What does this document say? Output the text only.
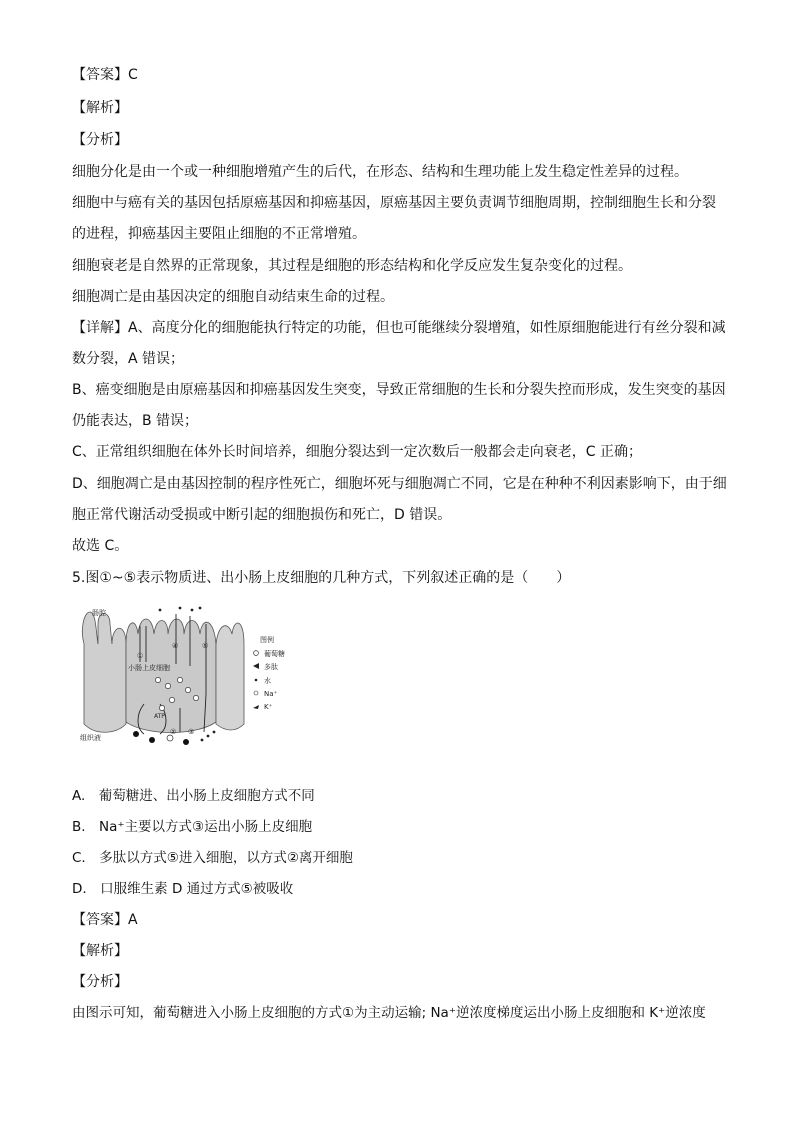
【答案】C
【解析】
【分析】
细胞分化是由一个或一种细胞增殖产生的后代，在形态、结构和生理功能上发生稳定性差异的过程。
细胞中与癌有关的基因包括原癌基因和抑癌基因，原癌基因主要负责调节细胞周期，控制细胞生长和分裂
的进程，抑癌基因主要阻止细胞的不正常增殖。
细胞衰老是自然界的正常现象，其过程是细胞的形态结构和化学反应发生复杂变化的过程。
细胞凋亡是由基因决定的细胞自动结束生命的过程。
【详解】A、高度分化的细胞能执行特定的功能，但也可能继续分裂增殖，如性原细胞能进行有丝分裂和减
数分裂，A 错误；
B、癌变细胞是由原癌基因和抑癌基因发生突变，导致正常细胞的生长和分裂失控而形成，发生突变的基因
仍能表达，B 错误；
C、正常组织细胞在体外长时间培养，细胞分裂达到一定次数后一般都会走向衰老，C 正确；
D、细胞凋亡是由基因控制的程序性死亡，细胞坏死与细胞凋亡不同，它是在种种不利因素影响下，由于细
胞正常代谢活动受损或中断引起的细胞损伤和死亡，D 错误。
故选 C。
5.图①~⑤表示物质进、出小肠上皮细胞的几种方式，下列叙述正确的是（　　）
肠腔
小肠上皮细胞
组织液
ATP
①
② ③
④	⑤
图例
葡萄糖
多肽
水
Na⁺
K⁺
A.　葡萄糖进、出小肠上皮细胞方式不同
B.　Na⁺主要以方式③运出小肠上皮细胞
C.　多肽以方式⑤进入细胞，以方式②离开细胞
D.　口服维生素 D 通过方式⑤被吸收
【答案】A
【解析】
【分析】
由图示可知，葡萄糖进入小肠上皮细胞的方式①为主动运输; Na⁺逆浓度梯度运出小肠上皮细胞和 K⁺逆浓度
